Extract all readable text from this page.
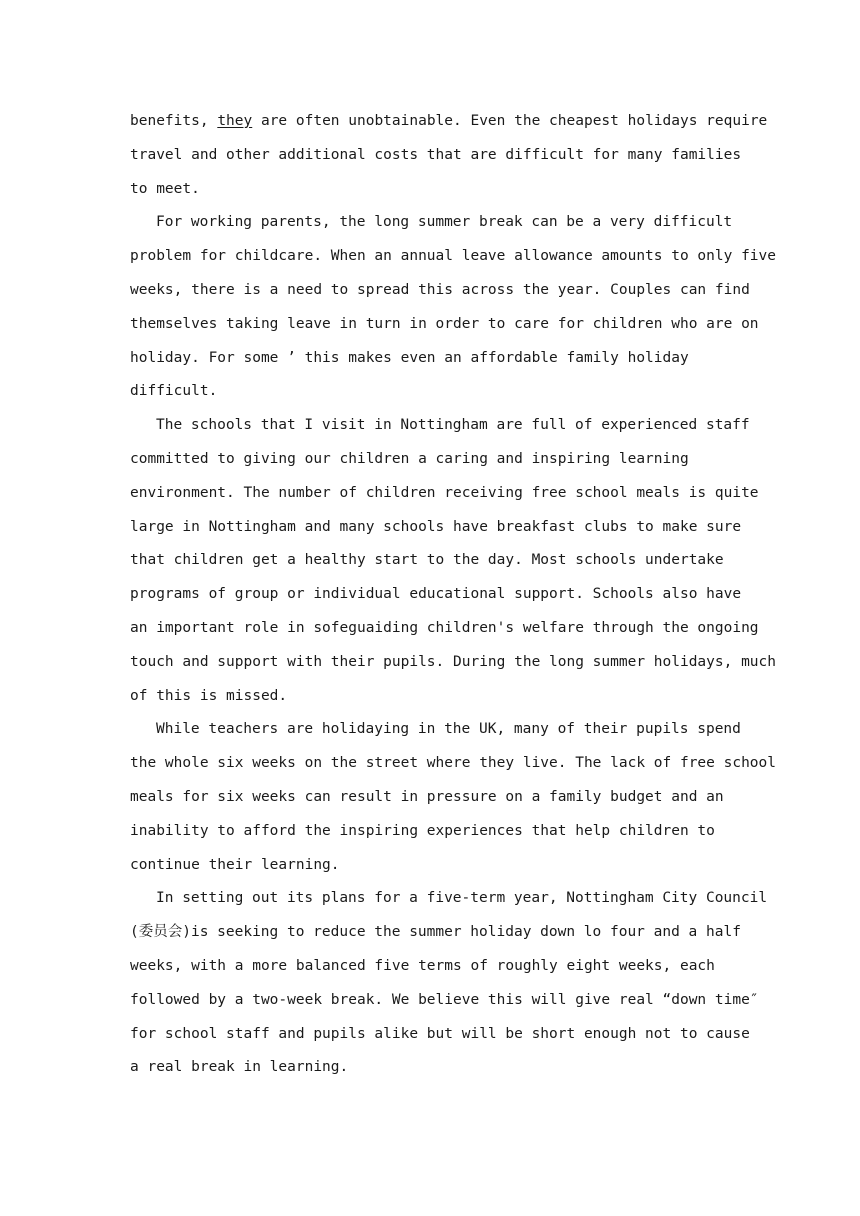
benefits, they are often unobtainable. Even the cheapest holidays require
travel and other additional costs that are difficult for many families
to meet.
For working parents, the long summer break can be a very difficult
problem for childcare. When an annual leave allowance amounts to only five
weeks, there is a need to spread this across the year. Couples can find
themselves taking leave in turn in order to care for children who are on
holiday. For some ’ this makes even an affordable family holiday
difficult.
The schools that I visit in Nottingham are full of experienced staff
committed to giving our children a caring and inspiring learning
environment. The number of children receiving free school meals is quite
large in Nottingham and many schools have breakfast clubs to make sure
that children get a healthy start to the day. Most schools undertake
programs of group or individual educational support. Schools also have
an important role in sofeguaiding children's welfare through the ongoing
touch and support with their pupils. During the long summer holidays, much
of this is missed.
While teachers are holidaying in the UK, many of their pupils spend
the whole six weeks on the street where they live. The lack of free school
meals for six weeks can result in pressure on a family budget and an
inability to afford the inspiring experiences that help children to
continue their learning.
In setting out its plans for a five-term year, Nottingham City Council
(委员会)is seeking to reduce the summer holiday down lo four and a half
weeks, with a more balanced five terms of roughly eight weeks, each
followed by a two-week break. We believe this will give real “down time″
for school staff and pupils alike but will be short enough not to cause
a real break in learning.
